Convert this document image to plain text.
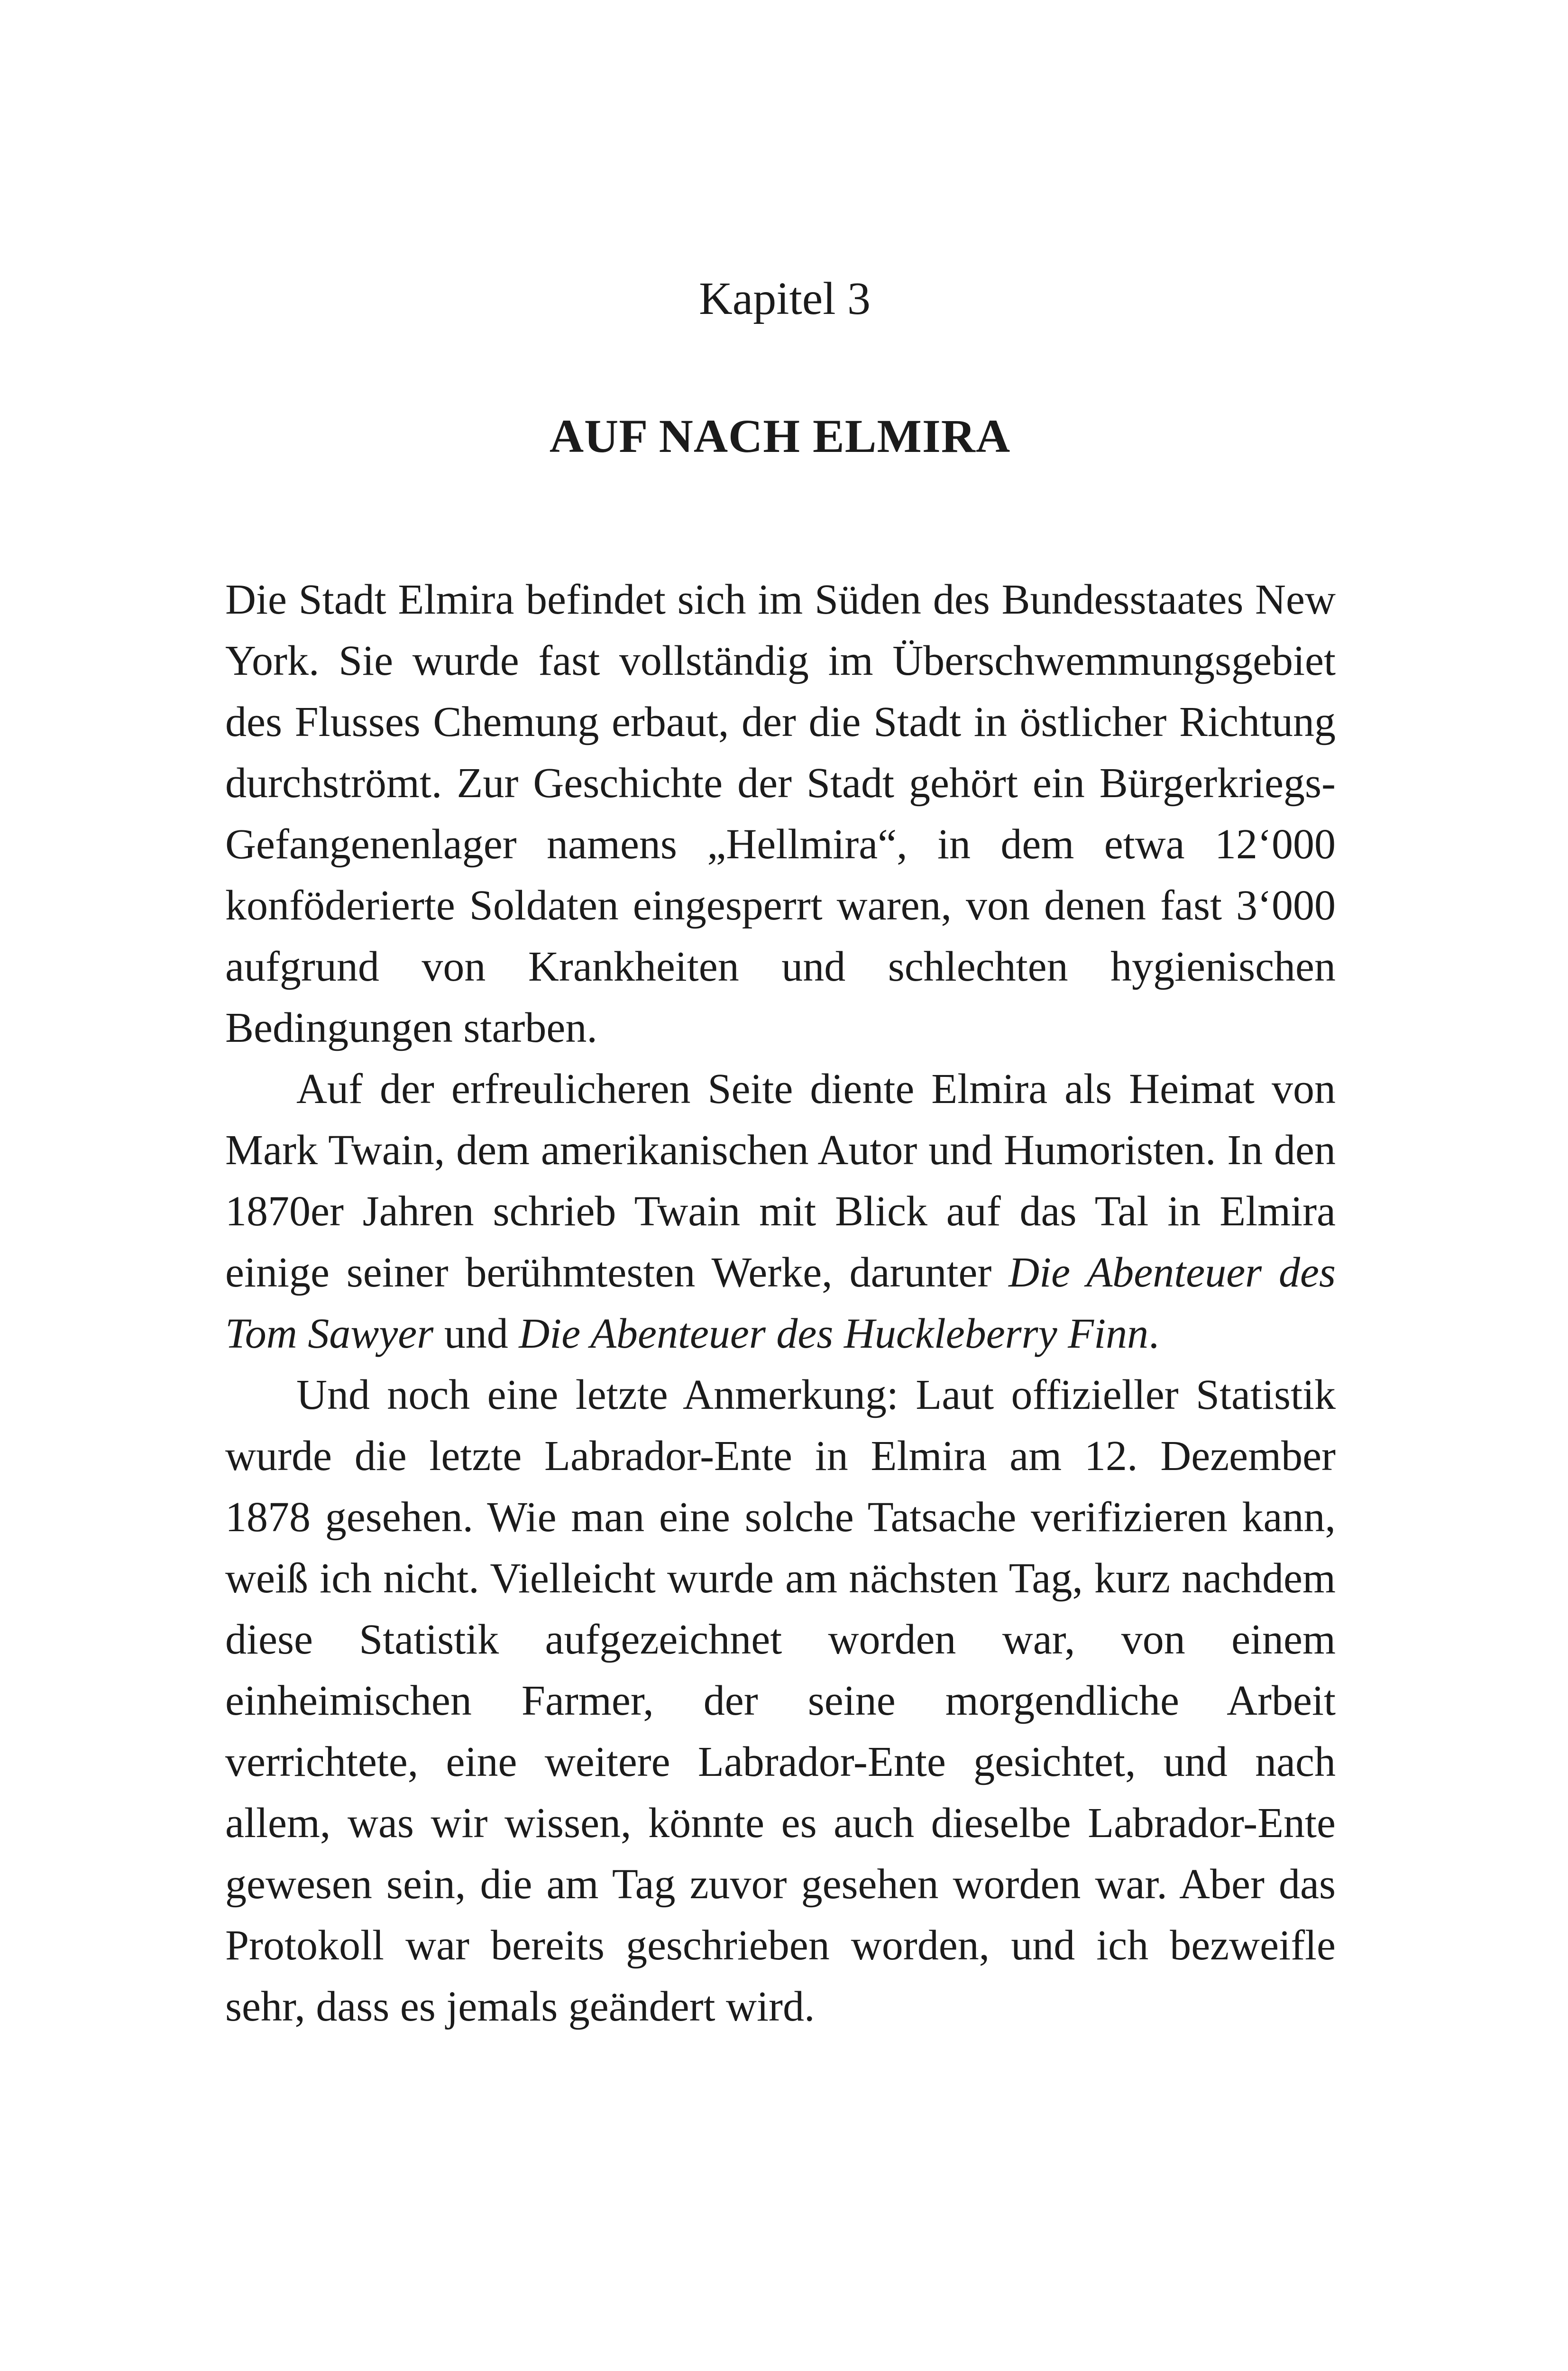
Kapitel 3
AUF NACH ELMIRA

Die Stadt Elmira befindet sich im Süden des Bundesstaates New York. Sie wurde fast vollständig im Überschwemmungsgebiet des Flusses Chemung erbaut, der die Stadt in östlicher Richtung durchströmt. Zur Geschichte der Stadt gehört ein Bürgerkriegs-Gefangenenlager namens „Hellmira“, in dem etwa 12‘000 konföderierte Soldaten eingesperrt waren, von denen fast 3‘000 aufgrund von Krankheiten und schlechten hygienischen Bedingungen starben.

Auf der erfreulicheren Seite diente Elmira als Heimat von Mark Twain, dem amerikanischen Autor und Humoristen. In den 1870er Jahren schrieb Twain mit Blick auf das Tal in Elmira einige seiner berühmtesten Werke, darunter Die Abenteuer des Tom Sawyer und Die Abenteuer des Huckleberry Finn.

Und noch eine letzte Anmerkung: Laut offizieller Statistik wurde die letzte Labrador-Ente in Elmira am 12. Dezember 1878 gesehen. Wie man eine solche Tatsache verifizieren kann, weiß ich nicht. Vielleicht wurde am nächsten Tag, kurz nachdem diese Statistik aufgezeichnet worden war, von einem einheimischen Farmer, der seine morgendliche Arbeit verrichtete, eine weitere Labrador-Ente gesichtet, und nach allem, was wir wissen, könnte es auch dieselbe Labrador-Ente gewesen sein, die am Tag zuvor gesehen worden war. Aber das Protokoll war bereits geschrieben worden, und ich bezweifle sehr, dass es jemals geändert wird.
